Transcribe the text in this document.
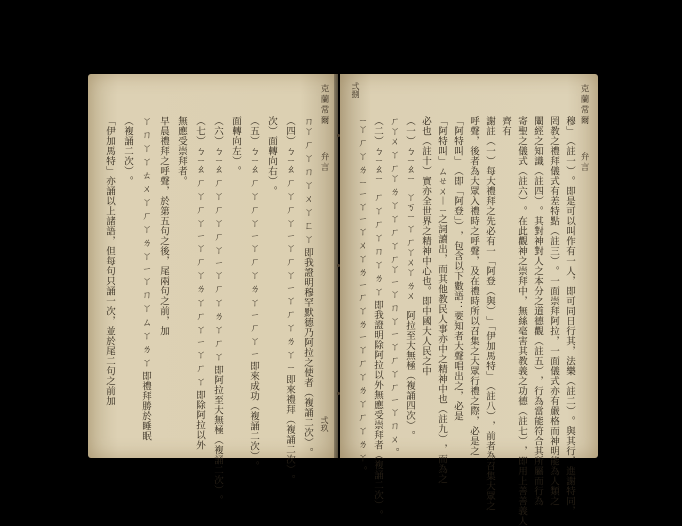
克蘭常爾
弁言
弍玖
ㄇㄚ ㄏ ㄚ ㄇ ㄚ ㄨ ㄚ ㄈ ㄚ 即我證明穆罕默德乃阿拉之使者︵複誦二次︶。
︵四︶ㄅㄧㄠ ㄏ ㄚ ㄏ ㄚ ㄧ ㄚ ㄏ ㄚ ㄧ ㄚ ㄏ ㄚ ㄌ ㄚ ㄧ 即來禮拜︵複誦二次︶。
次︶面轉向右︶。
︵五︶ㄅㄧㄠ ㄏ ㄚ ㄏ ㄚ ㄧ ㄚ ㄏ ㄚ ㄌ ㄚ ㄧ ㄏ ㄚ ㄧ 即來成功︵複誦二次︶。
面轉向左︶。
︵六︶ㄅㄧㄠ ㄏ ㄚ ㄏ ㄚ ㄏ ㄚ ㄧ ㄚ ㄏ ㄚ ㄌ ㄚ ㄏ ㄚ 即阿拉至大無極︵複誦二次︶。
︵七︶ㄅㄧㄠ ㄏ ㄚ ㄏ ㄚ ㄧ ㄚ ㄏ ㄚ ㄌ ㄚ ㄏ ㄚ ㄧ ㄚ ㄏ ㄚ 即除阿拉以外
無應受崇拜者。
早晨禮拜之呼聲，於第五句之後，尾兩句之前，加
ㄚ ㄇ ㄚ ㄚ ㄊ ㄨ ㄚ ㄏ ㄚ ㄌ ㄚ ㄧ ㄚ ㄇ ㄚ ㄙ ㄚ ㄌ ㄚ 即禮拜勝於睡眠
︵複誦二次︶。
「伊加馬特」亦誦以上諸語，但每句只誦一次，並於尾二句之前加
克蘭常爾
弁言
弍捌
穆」︵註一︶。即是可以叫作有一人，即可同日行其，法樂︵註二︶。與其行，進謝特同，
罔教之禮拜儀式有差特點︵註三︶。一面崇拜阿拉，一面儀式亦有嚴格而神明能為人類之
闡經之知識︵註四︶。其對神對人之本分之道德觀︵註五︶，行為當能符合其所屬而行為
寄聖之儀式︵註六︶。在此觀神之崇拜中，無絲毫害其教義之功德︵註七︶，即用上善善義人
齊有
謝註︵一︶每大禮拜之先必有一「阿登︵與︶」「伊加馬特」︵註八︶，前者為召集大眾之
呼聲，後者為大眾入禮時之呼聲，及在禮時所以召集之大眾行禮之際，必是之
「阿特叫」︵即「阿登」︶，包含以下數語：要知者大聲唱出之，必是
「阿特叫」ㄙㄝㄨ︱ㄧ之詞讀出，而其他教民人事亦中之精神中也︵註九︶，而為之
必也︵註十︶實亦全世界之精神中心也。即中國大人民之中
︵一︶ㄅㄧㄠㄧ　ㄚㄎㄧ ㄚ ㄏㄚㄨㄚ ㄌㄨ　阿拉至大無極︵複誦四次︶。
ㄏㄚㄨ ㄚ ㄏㄚ ㄌ ㄚ ㄚ ㄏ ㄚ ㄏㄚ ㄧ ㄚ ㄇ ㄚ ㄧ ㄚ ㄏ ㄚ ㄏ ㄧ ㄚ ㄇ ㄨ 。
︵二︶ㄅㄧㄠㄧ　ㄏ ㄚ ㄏ ㄚ ㄇ ㄚ ㄌ ㄚ 即我證明除阿拉以外無應受崇拜者︵複誦二次︶。
ㄧㄚ ㄏ ㄚ ㄌ ㄧ ㄧ ㄚ ㄧ ㄚ ㄨ ㄚ ㄌ ㄧ ㄏ ㄚ ㄌ ㄧ ㄚ ㄏ ㄚ ㄌ ㄚ ㄏ ㄚ ㄌ ㄚ 。
